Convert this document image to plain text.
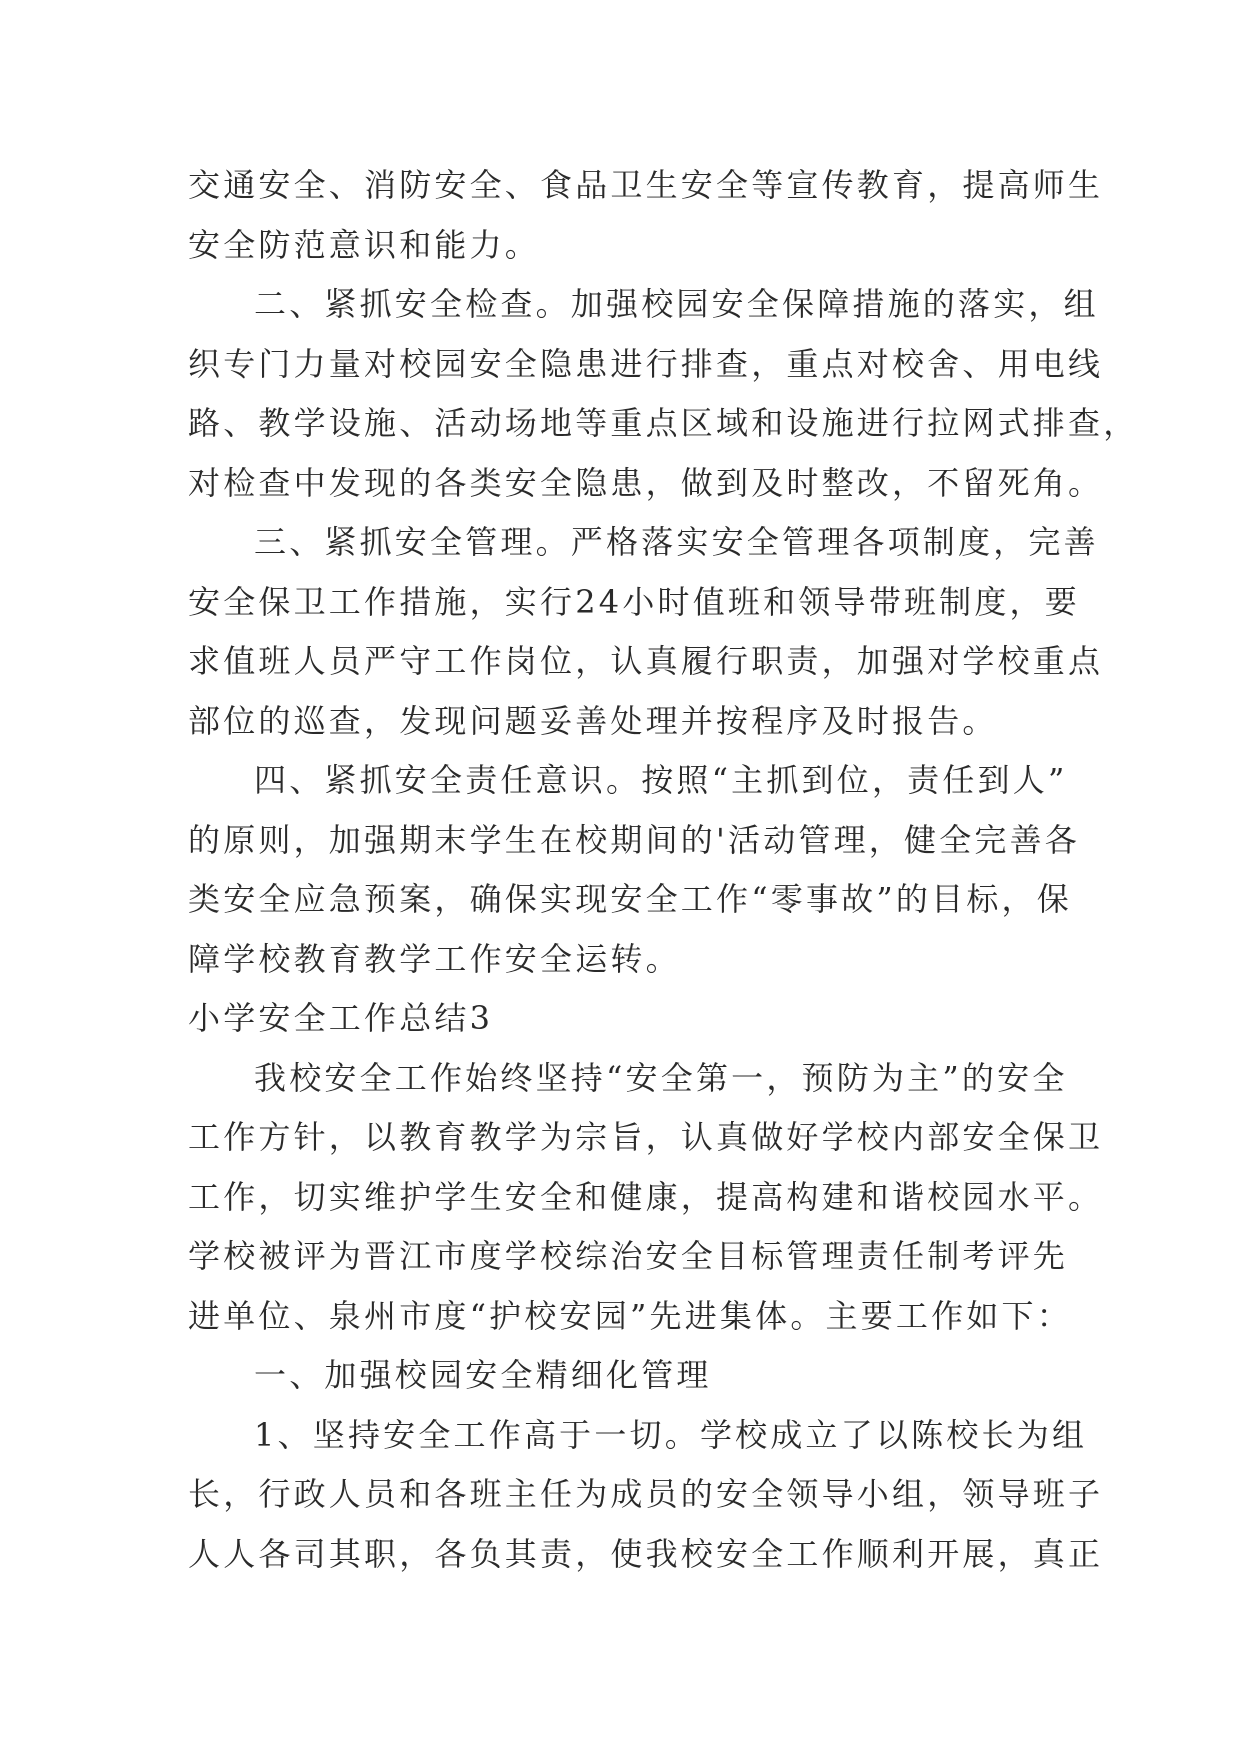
交通安全、消防安全、食品卫生安全等宣传教育，提高师生
安全防范意识和能力。
二、紧抓安全检查。加强校园安全保障措施的落实，组
织专门力量对校园安全隐患进行排查，重点对校舍、用电线
路、教学设施、活动场地等重点区域和设施进行拉网式排查，
对检查中发现的各类安全隐患，做到及时整改，不留死角。
三、紧抓安全管理。严格落实安全管理各项制度，完善
安全保卫工作措施，实行24小时值班和领导带班制度，要
求值班人员严守工作岗位，认真履行职责，加强对学校重点
部位的巡查，发现问题妥善处理并按程序及时报告。
四、紧抓安全责任意识。按照“主抓到位，责任到人”
的原则，加强期末学生在校期间的'活动管理，健全完善各
类安全应急预案，确保实现安全工作“零事故”的目标，保
障学校教育教学工作安全运转。
小学安全工作总结3
我校安全工作始终坚持“安全第一，预防为主”的安全
工作方针，以教育教学为宗旨，认真做好学校内部安全保卫
工作，切实维护学生安全和健康，提高构建和谐校园水平。
学校被评为晋江市度学校综治安全目标管理责任制考评先
进单位、泉州市度“护校安园”先进集体。主要工作如下：
一、加强校园安全精细化管理
1、坚持安全工作高于一切。学校成立了以陈校长为组
长，行政人员和各班主任为成员的安全领导小组，领导班子
人人各司其职，各负其责，使我校安全工作顺利开展，真正
